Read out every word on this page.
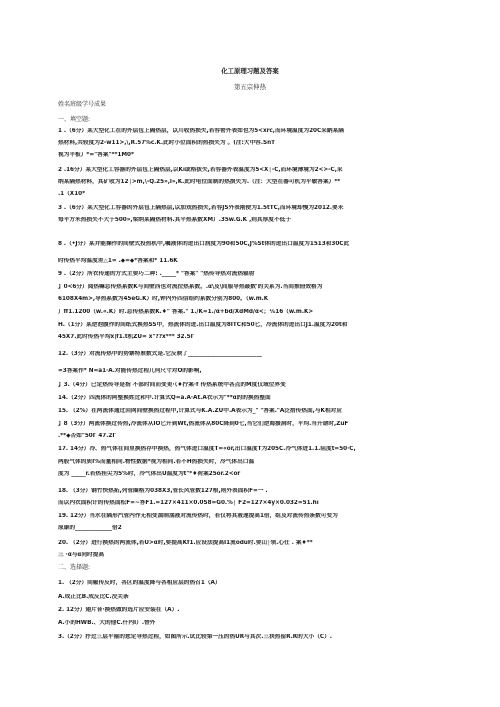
化工原理习题及答案
第五宗伸热
姓名班级学号成果
一、填空题:
1 .（6分）某大型化工在的外层包上隔热层，以川收热损失,若容密外表如也为5<xrc,而环境温度为20C采納某隔
热材料,共较度为2-w11>,\,R.57%c.K.此时小位面积的热损失为 。(注:大中容.SnT
视为平板）*="答案"**1M0*
2 .16分）某大型化工容器的外层包上隔热层,以Ki或格拔失,若容器外表温度为5<X│-C,而环境薄境为2<>-C,采
纳某隔热材料，其矿收为12│>m,\-Q.25»,l»,K.此时电位面制的热损失为.（注：大型在器可机为平敏答案）**
.1（X10*
3 .（6分）某大型化工容器的外层包上隔热层,以加戏热损失,若容JS外表刚便为1.5tTC,而环境却慢为2012.要未
每平方米热损失不大于500»,梁纳某隔热材料.其平热系数XM）.35w.G.K ,则其厚度不低于
8 .（•J分）某并能操作的间壁式投热机中,嘱液体的进出口润度为90和50C,J%St体的进出口温度为1513和30C此
时传热平均温度差△1= .◆=◆*答案和* 11.6K
9 .（2分）所衣传递的方式主要巧二种: ._____* "答案" "热传导热对流热辐射
】0<6分）阅热嘛总传热系数K与间壁西也对流拉热系数。.α\及\间服导热最数'的关系为.当间推冊效格为
6108X4m>,导热系数为45eG.K）时,钟内外四信给约系数分别为800。（w.m.K
）ff1.1200（w.«.K）时.总传热系数K.♦" 答案." 1./K=1./α+bd/XdMd/α<；¼16（w.m.K>
H.（1分）某逆泡腹作的间纸式换热SS中，热流体的进.出口温度为8ITC和50匕，冷流体的进出口J1.温度为20t和
45X7.此时传热平均x|f1.t机ZU= x"??x*** 32.5Γ
12.（3分）对流传热中的势寨特准数式是.它反映了__________________________
=3答案作* N=a1·A.对能传热过程几何尺寸对O的影响,
】3.（4分）已定热传导是指 不部时间而变更·（♦拧案·f 传热系统中各点的M度仅域位界变
14.（2分）四流体的阿整换姓过和中.计算式Q=a.A·At.A衣示为"**α的的换热整面
15. （2%）在两流体通过回网间壁换热过程中,计算式与K.A.ZU中.A表示为_" "答案."A泛措传热面,与K相对应
】8（3分）两流体换过传热,冷流体从IO匕升到Wt,热流体从80C降到0七,当它们逆海援洞时，平均.当升谑时,ZuF
.**◆否如"50Γ 47.2Γ
17. 14分）冷、热气体在间里换热存中换热，热气体进口温度T=«or,出口温度T为205C.冷气体进1.1.阻度t=50·C,
两股气体的质I%而量相同.物性数据*视为相同.若不H热损失时，冷气体出口温
度为 _____r.若热挂尖为5%时，冷气体出U温度为t"*♦荷案25or.2<or
18. （3分）钢竹快热拓,列管圈格为038X3,管长风管数127根,则外表面积F=一 .
而以内衣面积计的传热面松F=~答F1.=127×411×0.0S8=G0.%│ F2=127×4y×0.032=51.hi
19. 12分）当水在隅形汽管内作无相变湍制湍液对流传热时，若仅将其液速提高1倍，组及对流传热条数可变为
原康的_____________倍2
20. （2分）进行换热的两流体,若U>α时,要提高Kf1.应设法提高I1流odu时.要山│领.心仕 . 案♦**
三 ·α与α同时提高
1. （2分）间椒传反时，各区的温度降与各相应层的热召1（A）
A.成正比B.成反比C.没关条
2. 12分）翅片音·换热做的选片应安装在（A）.
A.小的HWB.、大的他C.仟内I）.替外
3.（2分）抒过三层平箍的您定导热过程，如图所示.试比较第一压的热UR与其次.三抉热留R.R的大小（C）.
二、选择题:
